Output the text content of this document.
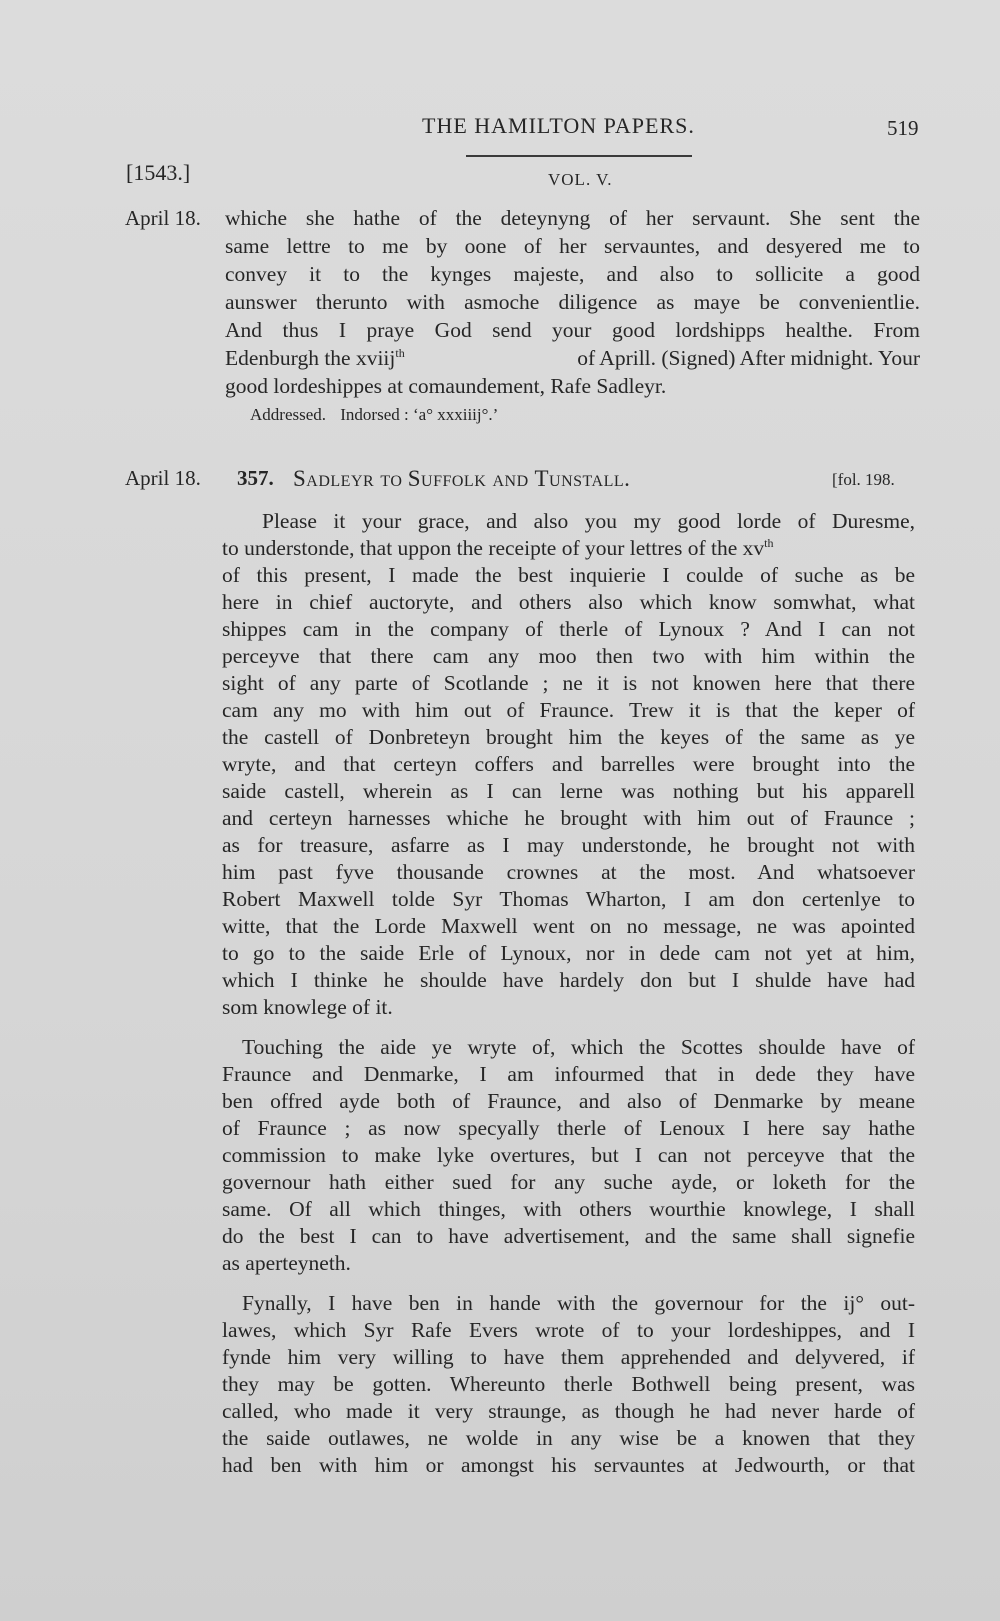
THE HAMILTON PAPERS.	519
[1543.]	VOL. V.
April 18. whiche she hathe of the deteynyng of her servaunt. She sent the
same lettre to me by oone of her servauntes, and desyered me to
convey it to the kynges majeste, and also to sollicite a good
aunswer therunto with asmoche diligence as maye be convenientlie.
And thus I praye God send your good lordshipps healthe. From
Edenburgh the xviij$^{th}$	of Aprill. (Signed) After midnight. Your
good lordeshippes at comaundement, Rafe Sadleyr.
Addressed. Indorsed : ‘a° xxxiiij°.’
April 18. 357. Sadleyr to Suffolk and Tunstall.	[fol. 198.
Please it your grace, and also you my good lorde of Duresme,
to understonde, that uppon the receipte of your lettres of the $xv^{th}$
of this present, I made the best inquierie I coulde of suche as be
here in chief auctoryte, and others also which know somwhat, what
shippes cam in the company of therle of Lynoux ? And I can not
perceyve that there cam any moo then two with him within the
sight of any parte of Scotlande ; ne it is not knowen here that there
cam any mo with him out of Fraunce. Trew it is that the keper of
the castell of Donbreteyn brought him the keyes of the same as ye
wryte, and that certeyn coffers and barrelles were brought into the
saide castell, wherein as I can lerne was nothing but his apparell
and certeyn harnesses whiche he brought with him out of Fraunce ;
as for treasure, asfarre as I may understonde, he brought not with
him past fyve thousande crownes at the most. And whatsoever
Robert Maxwell tolde Syr Thomas Wharton, I am don certenlye to
witte, that the Lorde Maxwell went on no message, ne was apointed
to go to the saide Erle of Lynoux, nor in dede cam not yet at him,
which I thinke he shoulde have hardely don but I shulde have had
som knowlege of it.
Touching the aide ye wryte of, which the Scottes shoulde have of
Fraunce and Denmarke, I am infourmed that in dede they have
ben offred ayde both of Fraunce, and also of Denmarke by meane
of Fraunce ; as now specyally therle of Lenoux I here say hathe
commission to make lyke overtures, but I can not perceyve that the
governour hath either sued for any suche ayde, or loketh for the
same. Of all which thinges, with others wourthie knowlege, I shall
do the best I can to have advertisement, and the same shall signefie
as aperteyneth.
Fynally, I have ben in hande with the governour for the ij° out-
lawes, which Syr Rafe Evers wrote of to your lordeshippes, and I
fynde him very willing to have them apprehended and delyvered, if
they may be gotten. Whereunto therle Bothwell being present, was
called, who made it very straunge, as though he had never harde of
the saide outlawes, ne wolde in any wise be a knowen that they
had ben with him or amongst his servauntes at Jedwourth, or that
